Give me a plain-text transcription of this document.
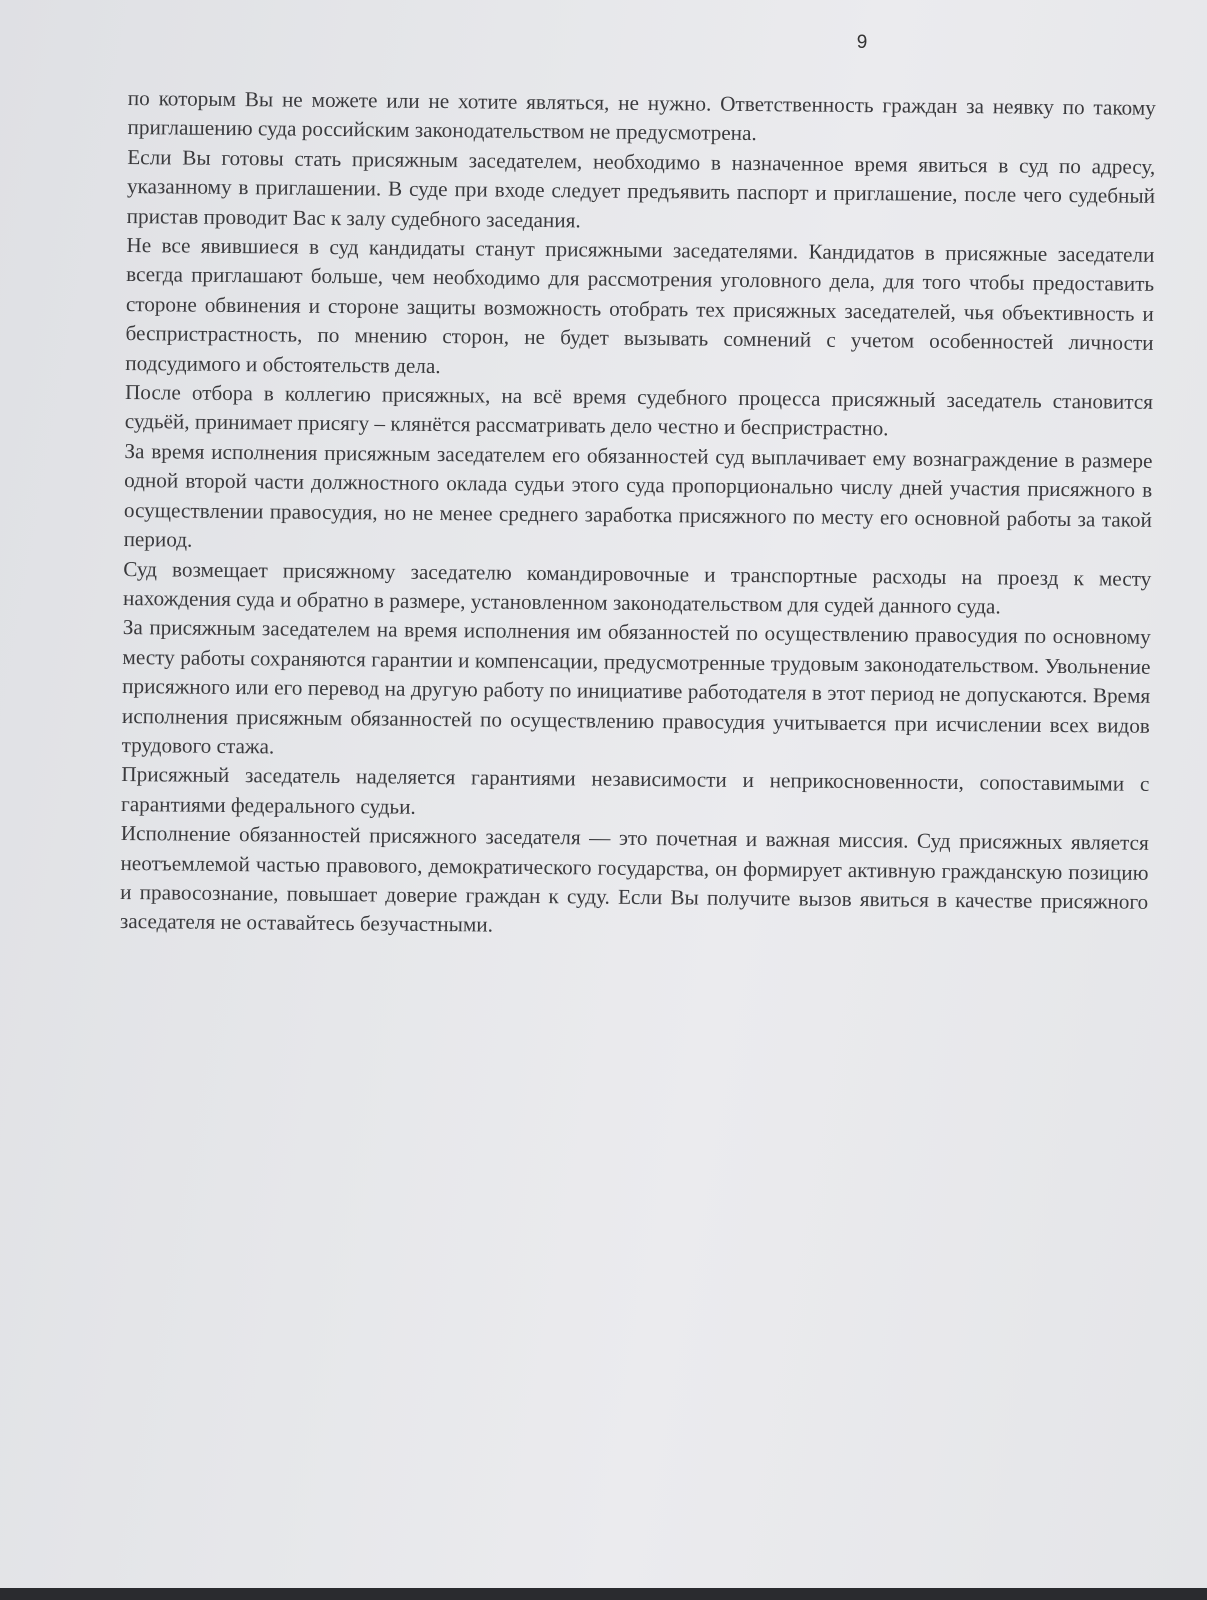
9

по которым Вы не можете или не хотите являться, не нужно. Ответственность граждан за неявку по такому приглашению суда российским законодательством не предусмотрена.

Если Вы готовы стать присяжным заседателем, необходимо в назначенное время явиться в суд по адресу, указанному в приглашении. В суде при входе следует предъявить паспорт и приглашение, после чего судебный пристав проводит Вас к залу судебного заседания.

Не все явившиеся в суд кандидаты станут присяжными заседателями. Кандидатов в присяжные заседатели всегда приглашают больше, чем необходимо для рассмотрения уголовного дела, для того чтобы предоставить стороне обвинения и стороне защиты возможность отобрать тех присяжных заседателей, чья объективность и беспристрастность, по мнению сторон, не будет вызывать сомнений с учетом особенностей личности подсудимого и обстоятельств дела.

После отбора в коллегию присяжных, на всё время судебного процесса присяжный заседатель становится судьёй, принимает присягу – клянётся рассматривать дело честно и беспристрастно.

За время исполнения присяжным заседателем его обязанностей суд выплачивает ему вознаграждение в размере одной второй части должностного оклада судьи этого суда пропорционально числу дней участия присяжного в осуществлении правосудия, но не менее среднего заработка присяжного по месту его основной работы за такой период.

Суд возмещает присяжному заседателю командировочные и транспортные расходы на проезд к месту нахождения суда и обратно в размере, установленном законодательством для судей данного суда.

За присяжным заседателем на время исполнения им обязанностей по осуществлению правосудия по основному месту работы сохраняются гарантии и компенсации, предусмотренные трудовым законодательством. Увольнение присяжного или его перевод на другую работу по инициативе работодателя в этот период не допускаются. Время исполнения присяжным обязанностей по осуществлению правосудия учитывается при исчислении всех видов трудового стажа.

Присяжный заседатель наделяется гарантиями независимости и неприкосновенности, сопоставимыми с гарантиями федерального судьи.

Исполнение обязанностей присяжного заседателя — это почетная и важная миссия. Суд присяжных является неотъемлемой частью правового, демократического государства, он формирует активную гражданскую позицию и правосознание, повышает доверие граждан к суду. Если Вы получите вызов явиться в качестве присяжного заседателя не оставайтесь безучастными.
